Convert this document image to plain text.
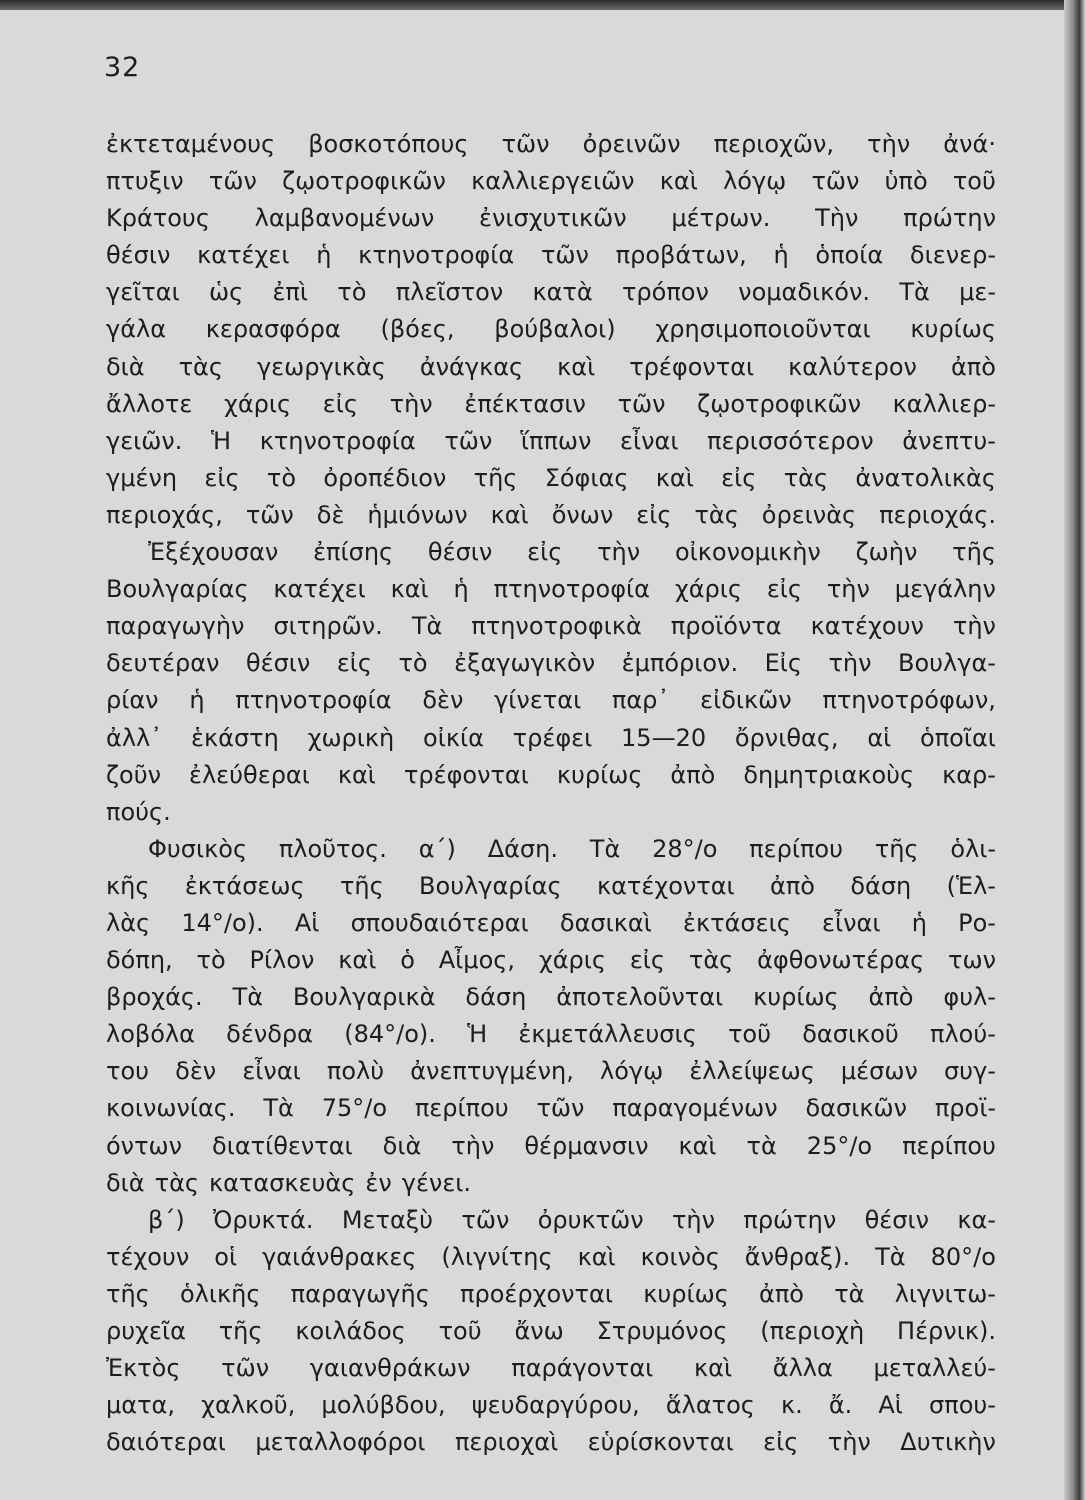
32
ἐκτεταμένους βοσκοτόπους τῶν ὀρεινῶν περιοχῶν, τὴν ἀνά·
πτυξιν τῶν ζῳοτροφικῶν καλλιεργειῶν καὶ λόγῳ τῶν ὑπὸ τοῦ
Κράτους λαμβανομένων ἐνισχυτικῶν μέτρων. Τὴν πρώτην
θέσιν κατέχει ἡ κτηνοτροφία τῶν προβάτων, ἡ ὁποία διενερ-
γεῖται ὡς ἐπὶ τὸ πλεῖστον κατὰ τρόπον νομαδικόν. Τὰ με-
γάλα κερασφόρα (βόες, βούβαλοι) χρησιμοποιοῦνται κυρίως
διὰ τὰς γεωργικὰς ἀνάγκας καὶ τρέφονται καλύτερον ἀπὸ
ἄλλοτε χάρις εἰς τὴν ἐπέκτασιν τῶν ζῳοτροφικῶν καλλιερ-
γειῶν. Ἡ κτηνοτροφία τῶν ἵππων εἶναι περισσότερον ἀνεπτυ-
γμένη εἰς τὸ ὀροπέδιον τῆς Σόφιας καὶ εἰς τὰς ἀνατολικὰς
περιοχάς, τῶν δὲ ἡμιόνων καὶ ὄνων εἰς τὰς ὀρεινὰς περιοχάς.
Ἐξέχουσαν ἐπίσης θέσιν εἰς τὴν οἰκονομικὴν ζωὴν τῆς
Βουλγαρίας κατέχει καὶ ἡ πτηνοτροφία χάρις εἰς τὴν μεγάλην
παραγωγὴν σιτηρῶν. Τὰ πτηνοτροφικὰ προϊόντα κατέχουν τὴν
δευτέραν θέσιν εἰς τὸ ἐξαγωγικὸν ἐμπόριον. Εἰς τὴν Βουλγα-
ρίαν ἡ πτηνοτροφία δὲν γίνεται παρ᾽ εἰδικῶν πτηνοτρόφων,
ἀλλ᾽ ἑκάστη χωρικὴ οἰκία τρέφει 15—20 ὄρνιθας, αἱ ὁποῖαι
ζοῦν ἐλεύθεραι καὶ τρέφονται κυρίως ἀπὸ δημητριακοὺς καρ-
πούς.
Φυσικὸς πλοῦτος. α΄) Δάση. Τὰ 28°/o περίπου τῆς ὁλι-
κῆς ἐκτάσεως τῆς Βουλγαρίας κατέχονται ἀπὸ δάση (Ἑλ-
λὰς 14°/o). Αἱ σπουδαιότεραι δασικαὶ ἐκτάσεις εἶναι ἡ Ρο-
δόπη, τὸ Ρίλον καὶ ὁ Αἶμος, χάρις εἰς τὰς ἀφθονωτέρας των
βροχάς. Τὰ Βουλγαρικὰ δάση ἀποτελοῦνται κυρίως ἀπὸ φυλ-
λοβόλα δένδρα (84°/o). Ἡ ἐκμετάλλευσις τοῦ δασικοῦ πλού-
του δὲν εἶναι πολὺ ἀνεπτυγμένη, λόγῳ ἐλλείψεως μέσων συγ-
κοινωνίας. Τὰ 75°/o περίπου τῶν παραγομένων δασικῶν προϊ-
όντων διατίθενται διὰ τὴν θέρμανσιν καὶ τὰ 25°/o περίπου
διὰ τὰς κατασκευὰς ἐν γένει.
β΄) Ὀρυκτά. Μεταξὺ τῶν ὀρυκτῶν τὴν πρώτην θέσιν κα-
τέχουν οἱ γαιάνθρακες (λιγνίτης καὶ κοινὸς ἄνθραξ). Τὰ 80°/o
τῆς ὁλικῆς παραγωγῆς προέρχονται κυρίως ἀπὸ τὰ λιγνιτω-
ρυχεῖα τῆς κοιλάδος τοῦ ἄνω Στρυμόνος (περιοχὴ Πέρνικ).
Ἐκτὸς τῶν γαιανθράκων παράγονται καὶ ἄλλα μεταλλεύ-
ματα, χαλκοῦ, μολύβδου, ψευδαργύρου, ἅλατος κ. ἄ. Αἱ σπου-
δαιότεραι μεταλλοφόροι περιοχαὶ εὑρίσκονται εἰς τὴν Δυτικὴν
